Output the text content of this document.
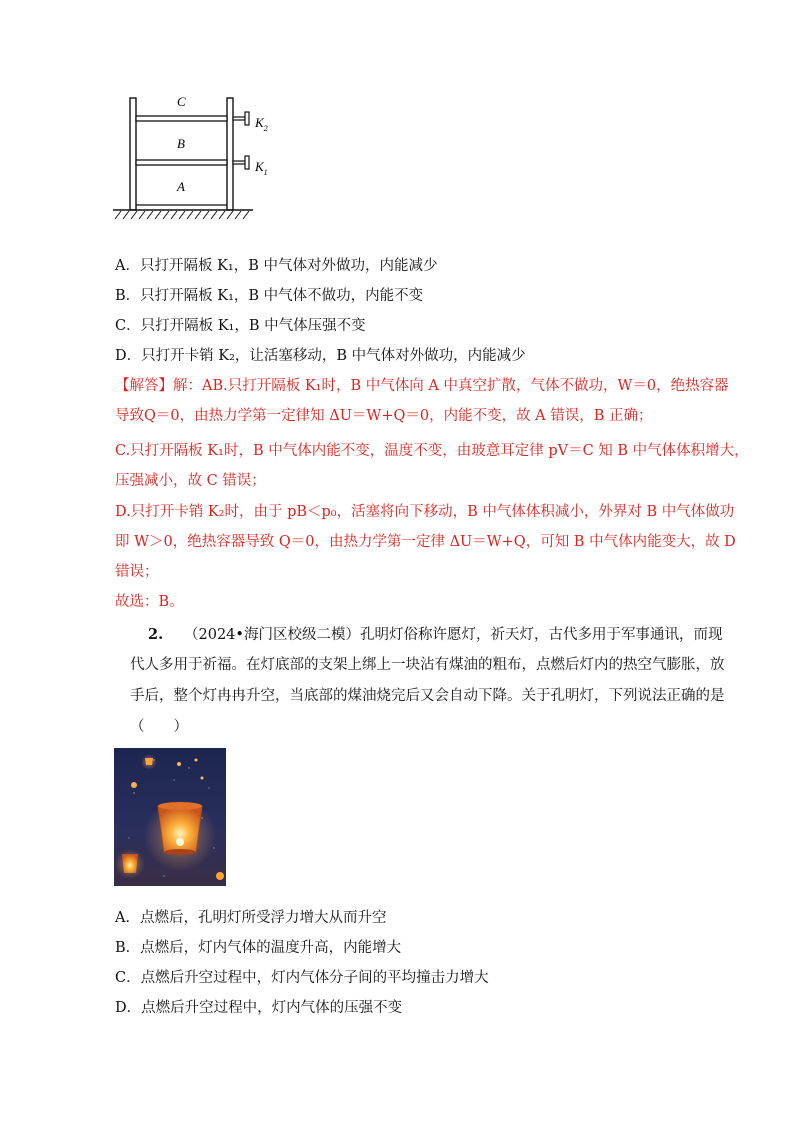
C
B
A
$K_2$
$K_1$
A．只打开隔板 K₁，B 中气体对外做功，内能减少
B．只打开隔板 K₁，B 中气体不做功，内能不变
C．只打开隔板 K₁，B 中气体压强不变
D．只打开卡销 K₂，让活塞移动，B 中气体对外做功，内能减少
【解答】解：AB.只打开隔板 K₁时，B 中气体向 A 中真空扩散，气体不做功，W＝0，绝热容器
导致Q＝0，由热力学第一定律知 ΔU＝W+Q＝0，内能不变，故 A 错误，B 正确；
C.只打开隔板 K₁时，B 中气体内能不变，温度不变，由玻意耳定律 pV＝C 知 B 中气体体积增大，
压强减小，故 C 错误；
D.只打开卡销 K₂时，由于 pB＜p₀，活塞将向下移动，B 中气体体积减小，外界对 B 中气体做功
即 W＞0，绝热容器导致 Q＝0，由热力学第一定律 ΔU＝W+Q，可知 B 中气体内能变大，故 D
错误；
故选：B。
2. （2024•海门区校级二模）孔明灯俗称许愿灯，祈天灯，古代多用于军事通讯，而现
代人多用于祈福。在灯底部的支架上绑上一块沾有煤油的粗布，点燃后灯内的热空气膨胀，放
手后，整个灯冉冉升空，当底部的煤油烧完后又会自动下降。关于孔明灯，下列说法正确的是
（　　）
A．点燃后，孔明灯所受浮力增大从而升空
B．点燃后，灯内气体的温度升高，内能增大
C．点燃后升空过程中，灯内气体分子间的平均撞击力增大
D．点燃后升空过程中，灯内气体的压强不变
